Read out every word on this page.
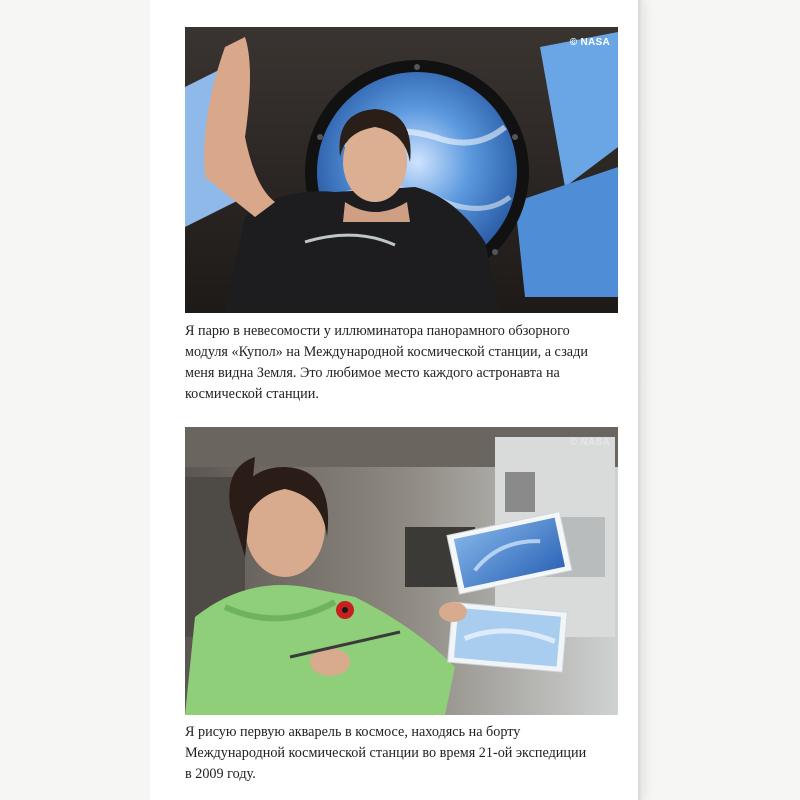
© NASA

Я парю в невесомости у иллюминатора панорамного обзорного
модуля «Купол» на Международной космической станции, а сзади
меня видна Земля. Это любимое место каждого астронавта на
космической станции.

© NASA

Я рисую первую акварель в космосе, находясь на борту
Международной космической станции во время 21-ой экспедиции
в 2009 году.
